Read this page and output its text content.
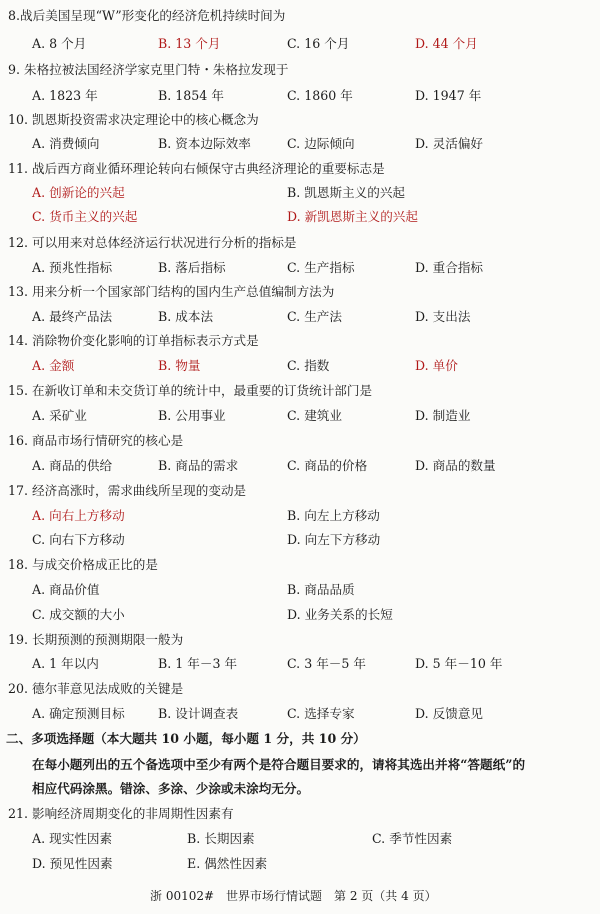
8.战后美国呈现“W”形变化的经济危机持续时间为
A. 8 个月	B. 13 个月	C. 16 个月	D. 44 个月
9. 朱格拉被法国经济学家克里门特・朱格拉发现于
A. 1823 年	B. 1854 年	C. 1860 年	D. 1947 年
10. 凯恩斯投资需求决定理论中的核心概念为
A. 消费倾向	B. 资本边际效率	C. 边际倾向	D. 灵活偏好
11. 战后西方商业循环理论转向右倾保守古典经济理论的重要标志是
A. 创新论的兴起	B. 凯恩斯主义的兴起
C. 货币主义的兴起	D. 新凯恩斯主义的兴起
12. 可以用来对总体经济运行状况进行分析的指标是
A. 预兆性指标	B. 落后指标	C. 生产指标	D. 重合指标
13. 用来分析一个国家部门结构的国内生产总值编制方法为
A. 最终产品法	B. 成本法	C. 生产法	D. 支出法
14. 消除物价变化影响的订单指标表示方式是
A. 金额	B. 物量	C. 指数	D. 单价
15. 在新收订单和未交货订单的统计中，最重要的订货统计部门是
A. 采矿业	B. 公用事业	C. 建筑业	D. 制造业
16. 商品市场行情研究的核心是
A. 商品的供给	B. 商品的需求	C. 商品的价格	D. 商品的数量
17. 经济高涨时，需求曲线所呈现的变动是
A. 向右上方移动	B. 向左上方移动
C. 向右下方移动	D. 向左下方移动
18. 与成交价格成正比的是
A. 商品价值	B. 商品品质
C. 成交额的大小	D. 业务关系的长短
19. 长期预测的预测期限一般为
A. 1 年以内	B. 1 年－3 年	C. 3 年－5 年	D. 5 年－10 年
20. 德尔菲意见法成败的关键是
A. 确定预测目标	B. 设计调查表	C. 选择专家	D. 反馈意见
二、多项选择题（本大题共 10 小题，每小题 1 分，共 10 分）
在每小题列出的五个备选项中至少有两个是符合题目要求的，请将其选出并将“答题纸”的
相应代码涂黑。错涂、多涂、少涂或未涂均无分。
21. 影响经济周期变化的非周期性因素有
A. 现实性因素	B. 长期因素	C. 季节性因素
D. 预见性因素	E. 偶然性因素
浙 00102#　世界市场行情试题　第 2 页（共 4 页）
